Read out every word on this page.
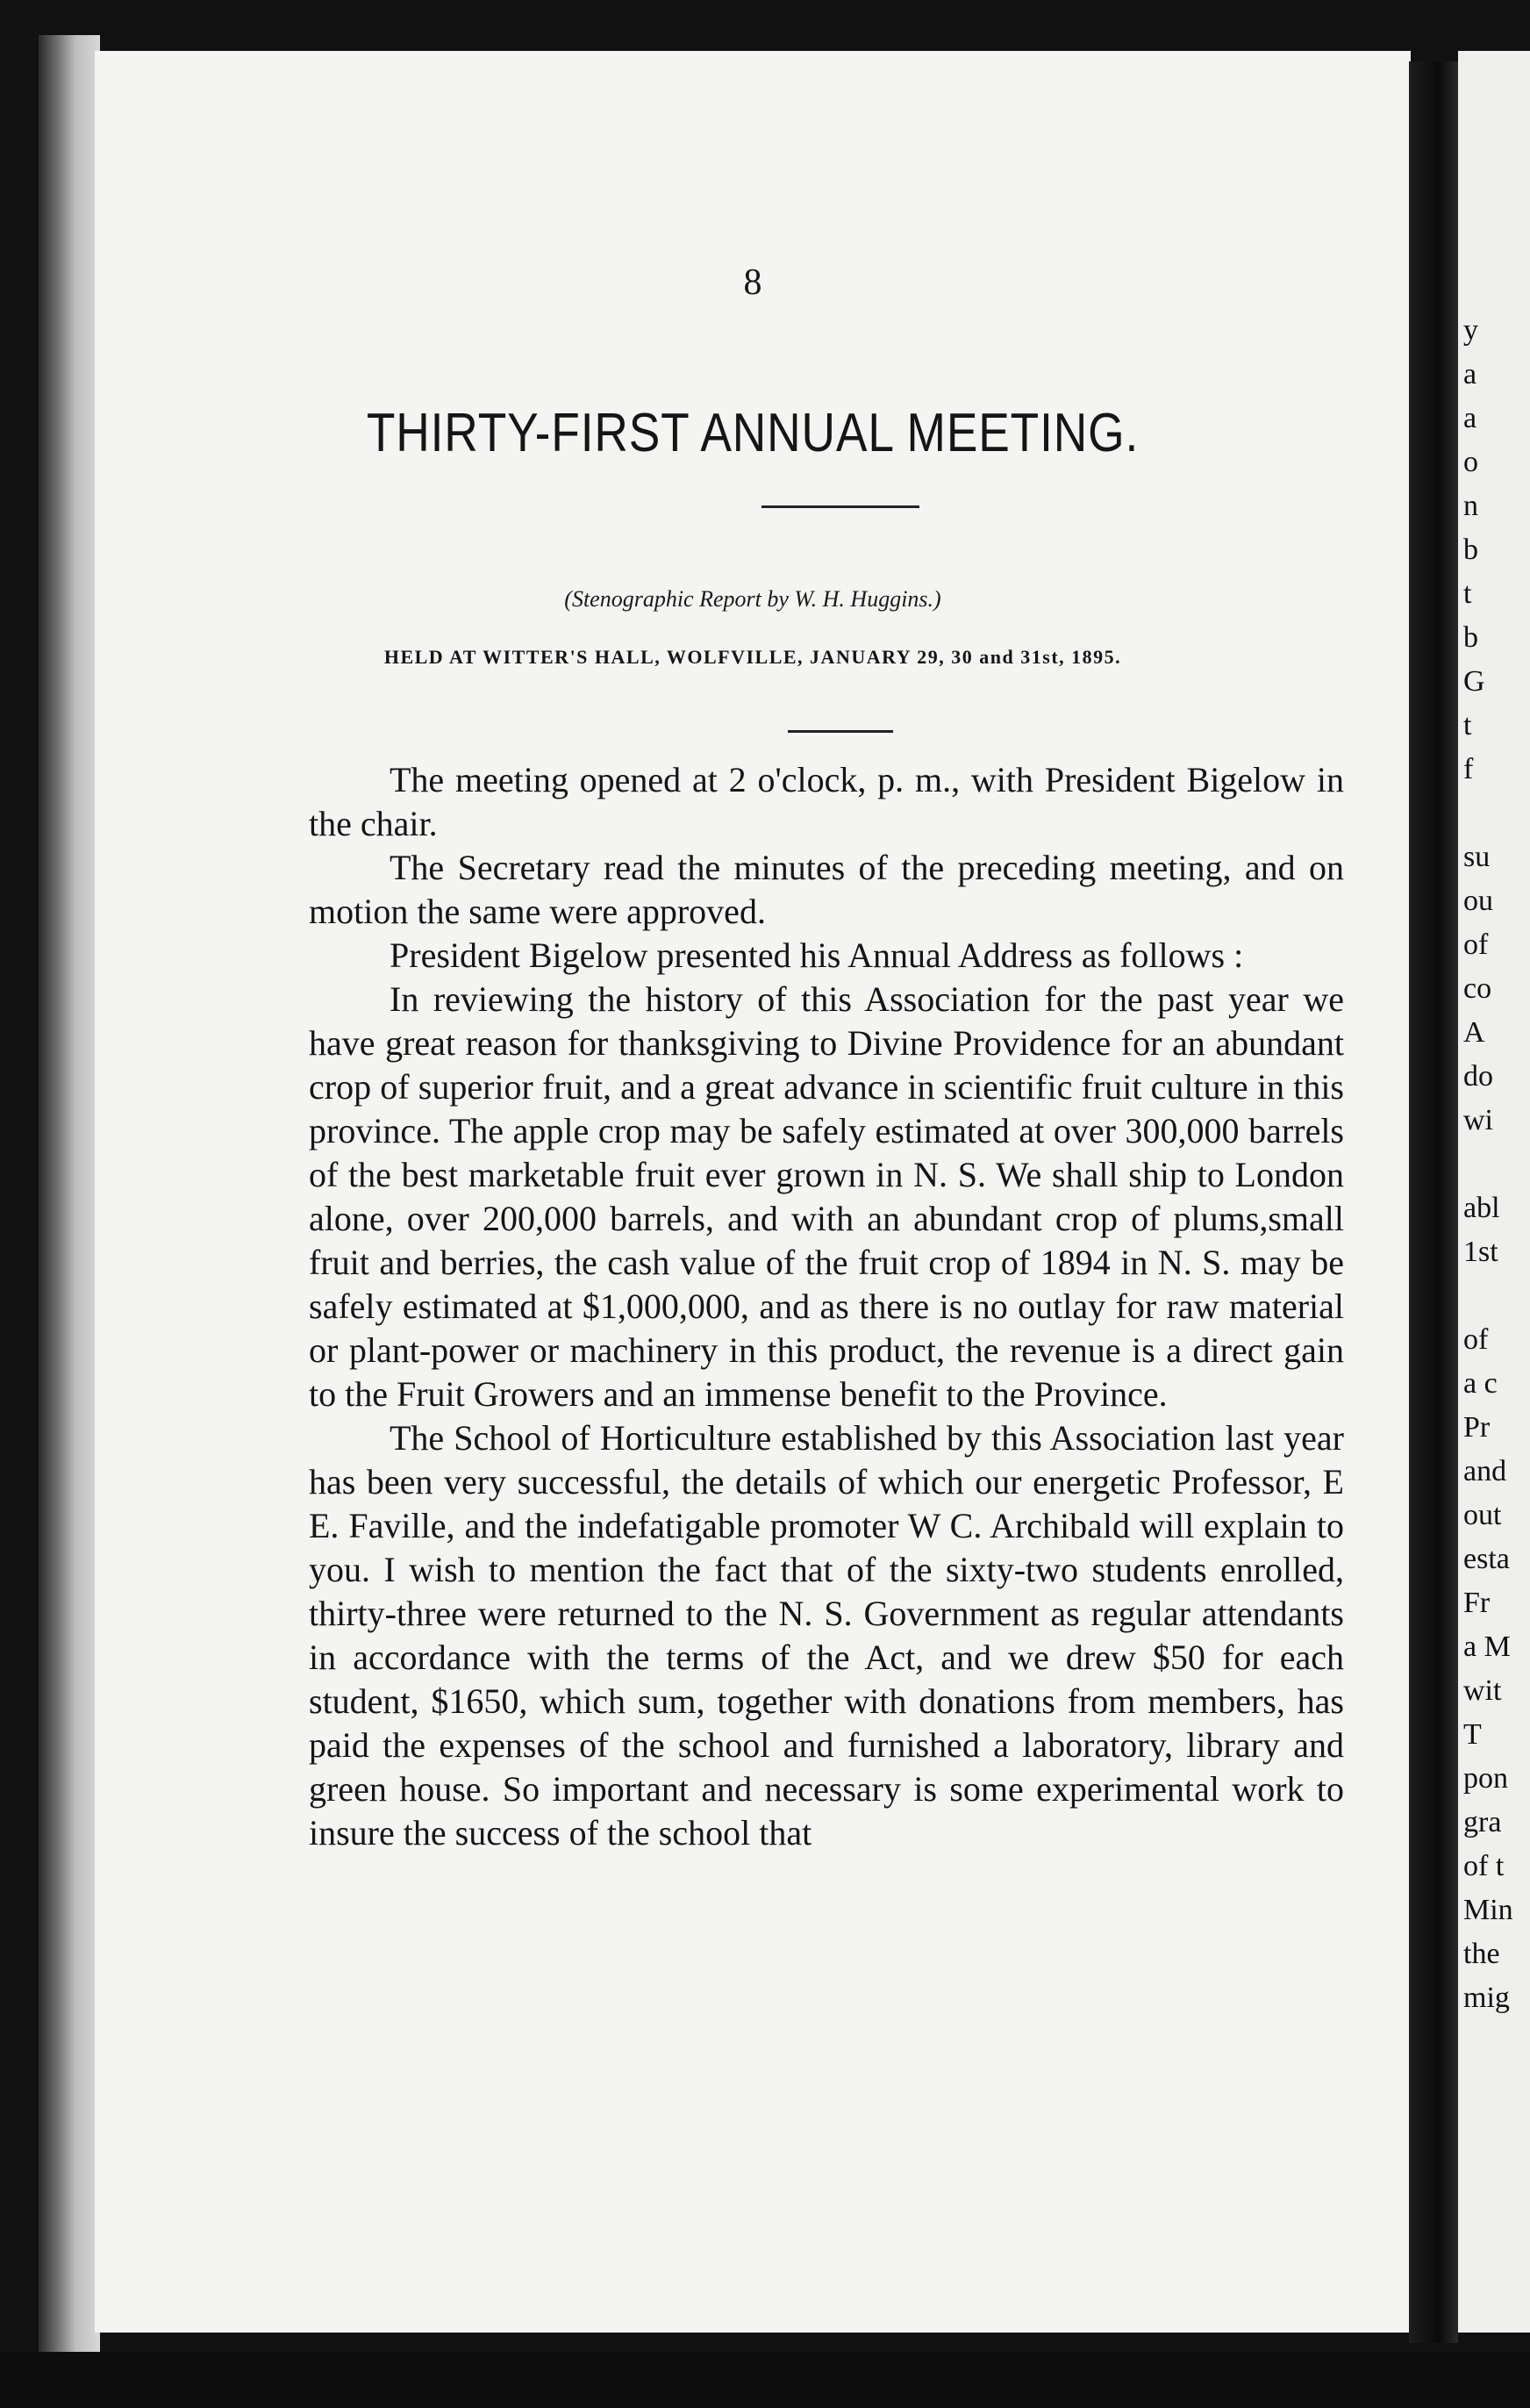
8
THIRTY-FIRST ANNUAL MEETING.
(Stenographic Report by W. H. Huggins.)
HELD AT WITTER'S HALL, WOLFVILLE, JANUARY 29, 30 and 31st, 1895.

The meeting opened at 2 o'clock, p. m., with President Bigelow in the chair.

The Secretary read the minutes of the preceding meeting, and on motion the same were approved.

President Bigelow presented his Annual Address as follows :

In reviewing the history of this Association for the past year we have great reason for thanksgiving to Divine Providence for an abundant crop of superior fruit, and a great advance in scientific fruit culture in this province. The apple crop may be safely estimated at over 300,000 barrels of the best marketable fruit ever grown in N. S. We shall ship to London alone, over 200,000 barrels, and with an abundant crop of plums,small fruit and berries, the cash value of the fruit crop of 1894 in N. S. may be safely estimated at $1,000,000, and as there is no outlay for raw material or plant-power or machinery in this product, the revenue is a direct gain to the Fruit Growers and an immense benefit to the Province.

The School of Horticulture established by this Association last year has been very successful, the details of which our energetic Professor, E E. Faville, and the indefatigable promoter W C. Archibald will explain to you. I wish to mention the fact that of the sixty-two students enrolled, thirty-three were returned to the N. S. Government as regular attendants in accordance with the terms of the Act, and we drew $50 for each student, $1650, which sum, together with donations from members, has paid the expenses of the school and furnished a laboratory, library and green house. So important and necessary is some experimental work to insure the success of the school that

y
a
a
o
n
b
t
b
G
t
f
su
ou
of
co
A
do
wi
abl
1st
of
a c
Pr
and
out
esta
Fr
a M
wit
T
pon
gra
of t
Min
the
mig
